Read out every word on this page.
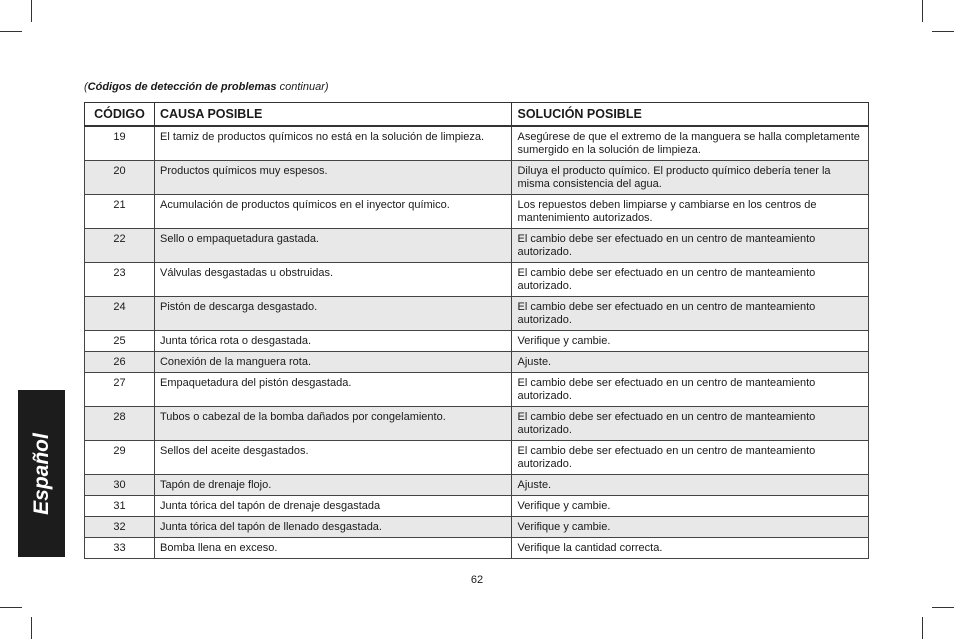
(Códigos de detección de problemas continuar)
CÓDIGO	CAUSA POSIBLE	SOLUCIÓN POSIBLE
19	El tamiz de productos químicos no está en la solución de limpieza.	Asegúrese de que el extremo de la manguera se halla completamente sumergido en la solución de limpieza.
20	Productos químicos muy espesos.	Diluya el producto químico. El producto químico debería tener la misma consistencia del agua.
21	Acumulación de productos químicos en el inyector químico.	Los repuestos deben limpiarse y cambiarse en los centros de mantenimiento autorizados.
22	Sello o empaquetadura gastada.	El cambio debe ser efectuado en un centro de manteamiento autorizado.
23	Válvulas desgastadas u obstruidas.	El cambio debe ser efectuado en un centro de manteamiento autorizado.
24	Pistón de descarga desgastado.	El cambio debe ser efectuado en un centro de manteamiento autorizado.
25	Junta tórica rota o desgastada.	Verifique y cambie.
26	Conexión de la manguera rota.	Ajuste.
27	Empaquetadura del pistón desgastada.	El cambio debe ser efectuado en un centro de manteamiento autorizado.
28	Tubos o cabezal de la bomba dañados por congelamiento.	El cambio debe ser efectuado en un centro de manteamiento autorizado.
29	Sellos del aceite desgastados.	El cambio debe ser efectuado en un centro de manteamiento autorizado.
30	Tapón de drenaje flojo.	Ajuste.
31	Junta tórica del tapón de drenaje desgastada	Verifique y cambie.
32	Junta tórica del tapón de llenado desgastada.	Verifique y cambie.
33	Bomba llena en exceso.	Verifique la cantidad correcta.
Español
62
